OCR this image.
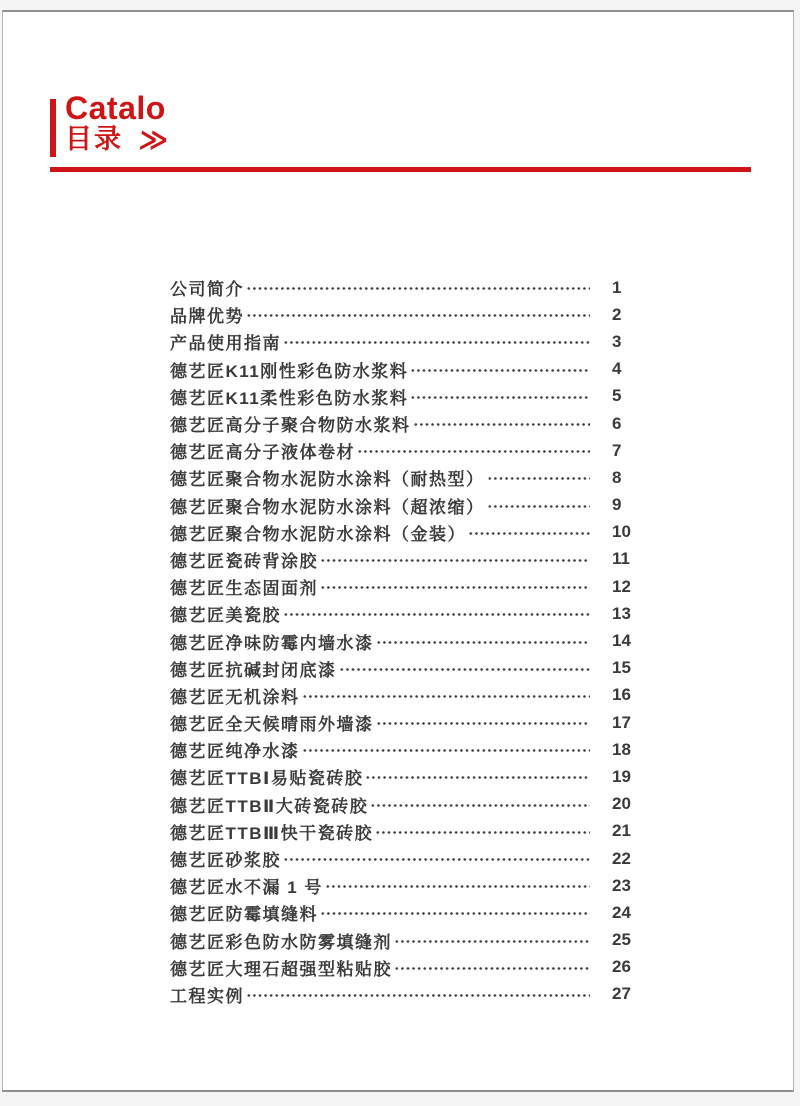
Catalo
目录 ≫
公司简介	1
品牌优势	2
产品使用指南	3
德艺匠K11刚性彩色防水浆料	4
德艺匠K11柔性彩色防水浆料	5
德艺匠高分子聚合物防水浆料	6
德艺匠高分子液体卷材	7
德艺匠聚合物水泥防水涂料（耐热型）	8
德艺匠聚合物水泥防水涂料（超浓缩）	9
德艺匠聚合物水泥防水涂料（金装）	10
德艺匠瓷砖背涂胶	11
德艺匠生态固面剂	12
德艺匠美瓷胶	13
德艺匠净味防霉内墙水漆	14
德艺匠抗碱封闭底漆	15
德艺匠无机涂料	16
德艺匠全天候晴雨外墙漆	17
德艺匠纯净水漆	18
德艺匠TTBⅠ易贴瓷砖胶	19
德艺匠TTBⅡ大砖瓷砖胶	20
德艺匠TTBⅢ快干瓷砖胶	21
德艺匠砂浆胶	22
德艺匠水不漏 1 号	23
德艺匠防霉填缝料	24
德艺匠彩色防水防雾填缝剂	25
德艺匠大理石超强型粘贴胶	26
工程实例	27
